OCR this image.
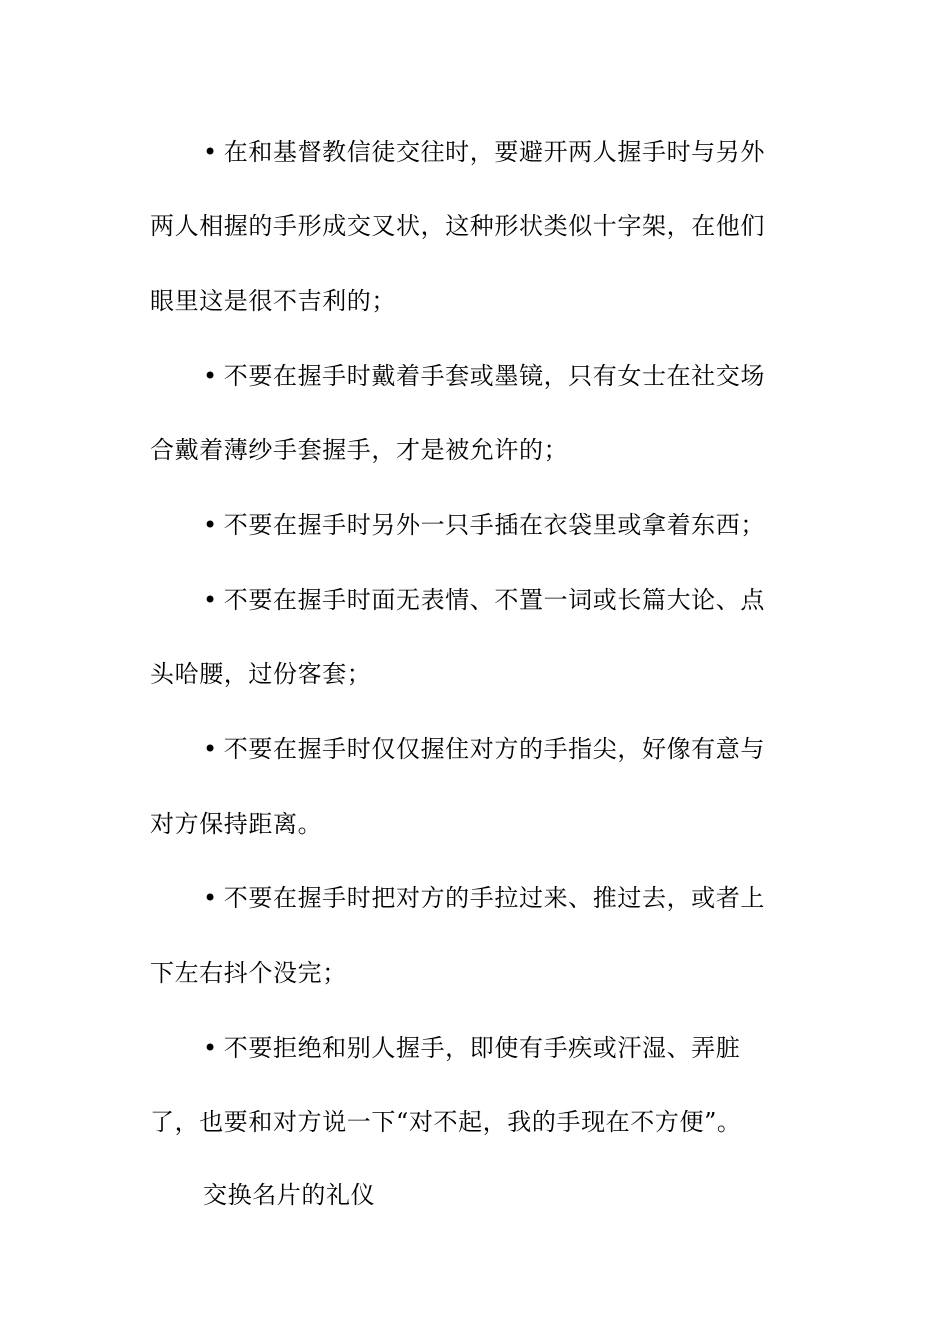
• 在和基督教信徒交往时，要避开两人握手时与另外
两人相握的手形成交叉状，这种形状类似十字架，在他们
眼里这是很不吉利的；
• 不要在握手时戴着手套或墨镜，只有女士在社交场
合戴着薄纱手套握手，才是被允许的；
• 不要在握手时另外一只手插在衣袋里或拿着东西；
• 不要在握手时面无表情、不置一词或长篇大论、点
头哈腰，过份客套；
• 不要在握手时仅仅握住对方的手指尖，好像有意与
对方保持距离。
• 不要在握手时把对方的手拉过来、推过去，或者上
下左右抖个没完；
• 不要拒绝和别人握手，即使有手疾或汗湿、弄脏
了，也要和对方说一下“对不起，我的手现在不方便”。
交换名片的礼仪
